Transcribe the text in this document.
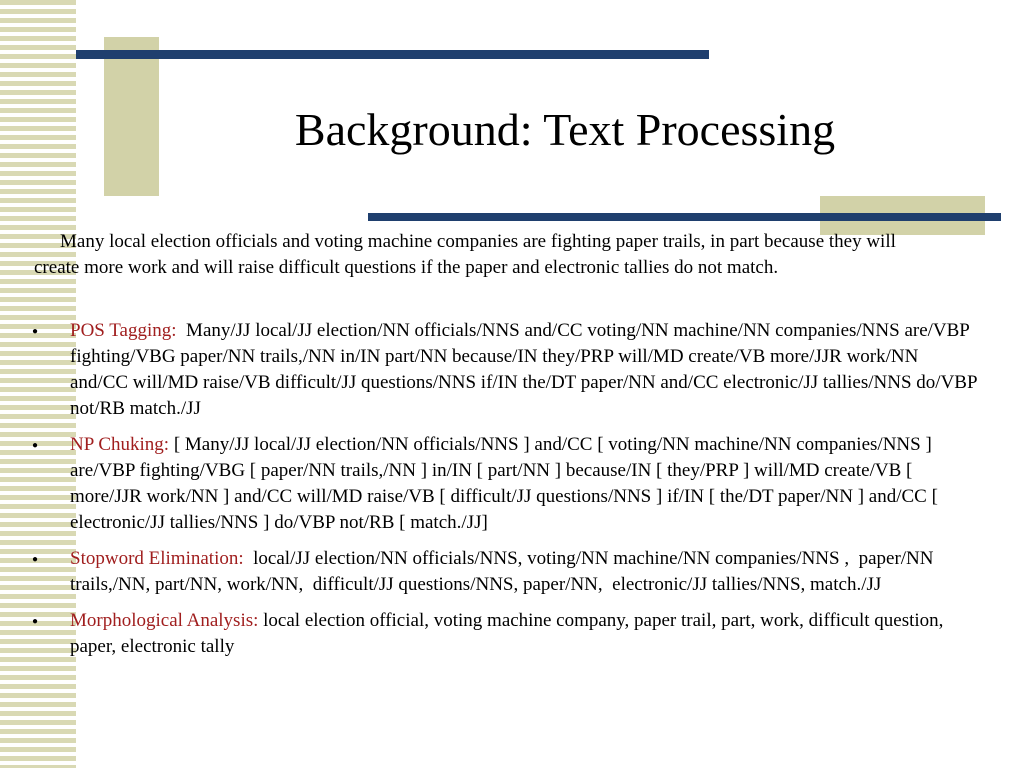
Background: Text Processing
Many local election officials and voting machine companies are fighting paper trails, in part because they will create more work and will raise difficult questions if the paper and electronic tallies do not match.
● POS Tagging:  Many/JJ local/JJ election/NN officials/NNS and/CC voting/NN machine/NN companies/NNS are/VBP fighting/VBG paper/NN trails,/NN in/IN part/NN because/IN they/PRP will/MD create/VB more/JJR work/NN and/CC will/MD raise/VB difficult/JJ questions/NNS if/IN the/DT paper/NN and/CC electronic/JJ tallies/NNS do/VBP not/RB match./JJ
● NP Chuking: [ Many/JJ local/JJ election/NN officials/NNS ] and/CC [ voting/NN machine/NN companies/NNS ] are/VBP fighting/VBG [ paper/NN trails,/NN ] in/IN [ part/NN ] because/IN [ they/PRP ] will/MD create/VB [ more/JJR work/NN ] and/CC will/MD raise/VB [ difficult/JJ questions/NNS ] if/IN [ the/DT paper/NN ] and/CC [ electronic/JJ tallies/NNS ] do/VBP not/RB [ match./JJ]
● Stopword Elimination:  local/JJ election/NN officials/NNS, voting/NN machine/NN companies/NNS ,  paper/NN trails,/NN, part/NN, work/NN,  difficult/JJ questions/NNS, paper/NN,  electronic/JJ tallies/NNS, match./JJ
● Morphological Analysis: local election official, voting machine company, paper trail, part, work, difficult question, paper, electronic tally
